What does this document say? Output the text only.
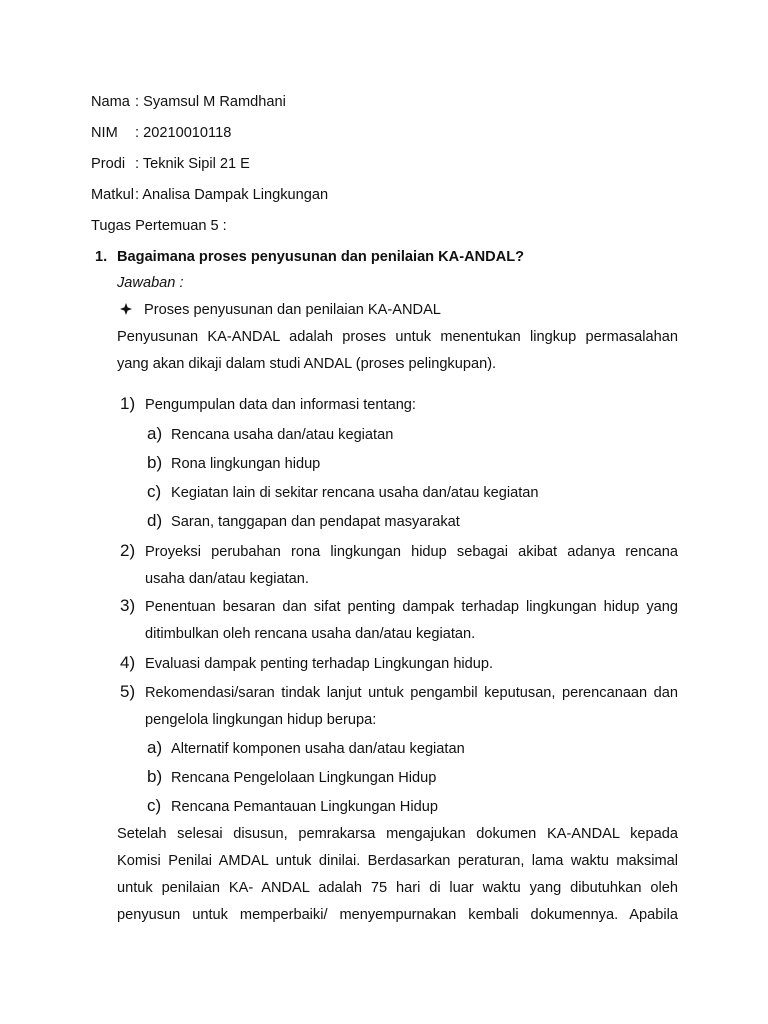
Nama : Syamsul M Ramdhani
NIM : 20210010118
Prodi : Teknik Sipil 21 E
Matkul : Analisa Dampak Lingkungan
Tugas Pertemuan 5 :
1. Bagaimana proses penyusunan dan penilaian KA-ANDAL?
Jawaban :
Proses penyusunan dan penilaian KA-ANDAL
Penyusunan KA-ANDAL adalah proses untuk menentukan lingkup permasalahan
yang akan dikaji dalam studi ANDAL (proses pelingkupan).
1) Pengumpulan data dan informasi tentang:
a) Rencana usaha dan/atau kegiatan
b) Rona lingkungan hidup
c) Kegiatan lain di sekitar rencana usaha dan/atau kegiatan
d) Saran, tanggapan dan pendapat masyarakat
2) Proyeksi perubahan rona lingkungan hidup sebagai akibat adanya rencana
usaha dan/atau kegiatan.
3) Penentuan besaran dan sifat penting dampak terhadap lingkungan hidup yang
ditimbulkan oleh rencana usaha dan/atau kegiatan.
4) Evaluasi dampak penting terhadap Lingkungan hidup.
5) Rekomendasi/saran tindak lanjut untuk pengambil keputusan, perencanaan dan
pengelola lingkungan hidup berupa:
a) Alternatif komponen usaha dan/atau kegiatan
b) Rencana Pengelolaan Lingkungan Hidup
c) Rencana Pemantauan Lingkungan Hidup
Setelah selesai disusun, pemrakarsa mengajukan dokumen KA-ANDAL kepada
Komisi Penilai AMDAL untuk dinilai. Berdasarkan peraturan, lama waktu maksimal
untuk penilaian KA- ANDAL adalah 75 hari di luar waktu yang dibutuhkan oleh
penyusun untuk memperbaiki/ menyempurnakan kembali dokumennya. Apabila
